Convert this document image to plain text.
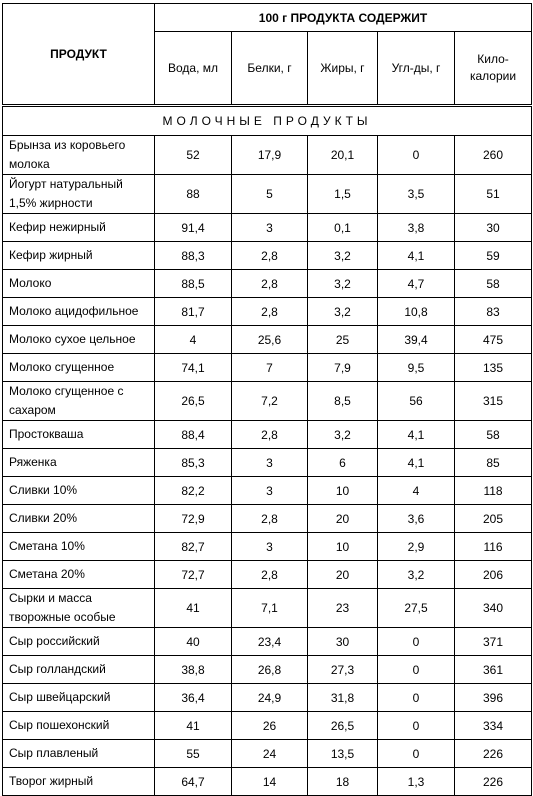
ПРОДУКТ	100 г ПРОДУКТА СОДЕРЖИТ				
	Вода, мл	Белки, г	Жиры, г	Угл-ды, г	Кило-калории
МОЛОЧНЫЕ ПРОДУКТЫ					
Брынза из коровьего молока	52	17,9	20,1	0	260
Йогурт натуральный 1,5% жирности	88	5	1,5	3,5	51
Кефир нежирный	91,4	3	0,1	3,8	30
Кефир жирный	88,3	2,8	3,2	4,1	59
Молоко	88,5	2,8	3,2	4,7	58
Молоко ацидофильное	81,7	2,8	3,2	10,8	83
Молоко сухое цельное	4	25,6	25	39,4	475
Молоко сгущенное	74,1	7	7,9	9,5	135
Молоко сгущенное с сахаром	26,5	7,2	8,5	56	315
Простокваша	88,4	2,8	3,2	4,1	58
Ряженка	85,3	3	6	4,1	85
Сливки 10%	82,2	3	10	4	118
Сливки 20%	72,9	2,8	20	3,6	205
Сметана 10%	82,7	3	10	2,9	116
Сметана 20%	72,7	2,8	20	3,2	206
Сырки и масса творожные особые	41	7,1	23	27,5	340
Сыр российский	40	23,4	30	0	371
Сыр голландский	38,8	26,8	27,3	0	361
Сыр швейцарский	36,4	24,9	31,8	0	396
Сыр пошехонский	41	26	26,5	0	334
Сыр плавленый	55	24	13,5	0	226
Творог жирный	64,7	14	18	1,3	226
